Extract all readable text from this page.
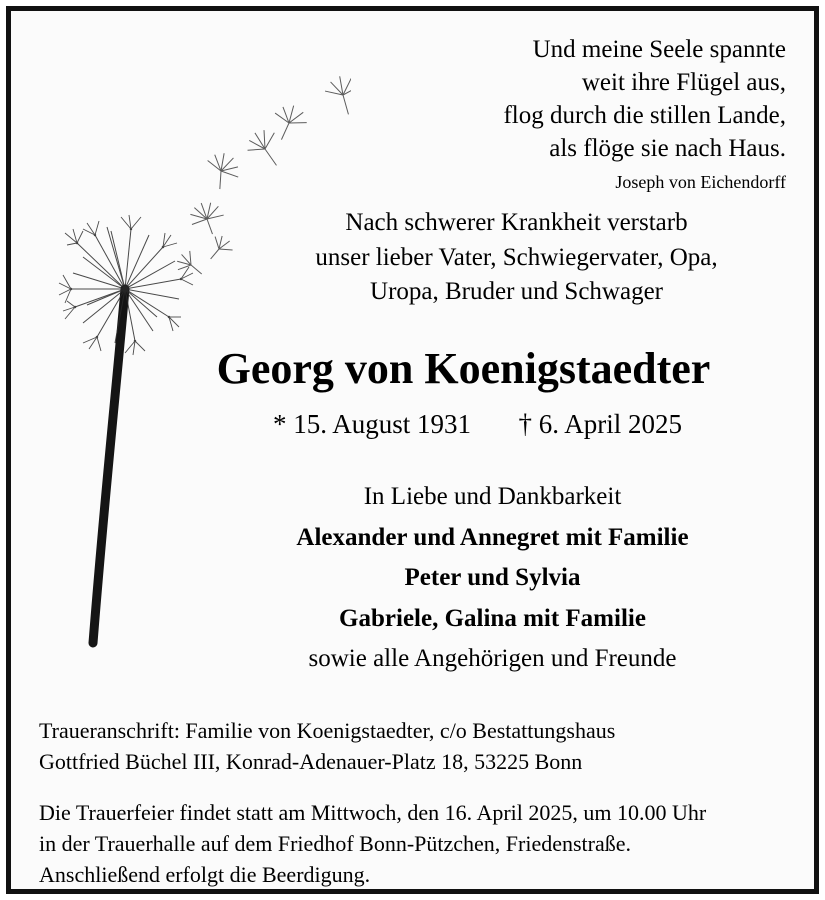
Und meine Seele spannte
weit ihre Flügel aus,
flog durch die stillen Lande,
als flöge sie nach Haus.
Joseph von Eichendorff
Nach schwerer Krankheit verstarb
unser lieber Vater, Schwiegervater, Opa,
Uropa, Bruder und Schwager
Georg von Koenigstaedter
* 15. August 1931 † 6. April 2025
In Liebe und Dankbarkeit
Alexander und Annegret mit Familie
Peter und Sylvia
Gabriele, Galina mit Familie
sowie alle Angehörigen und Freunde
Traueranschrift: Familie von Koenigstaedter, c/o Bestattungshaus
Gottfried Büchel III, Konrad-Adenauer-Platz 18, 53225 Bonn
Die Trauerfeier findet statt am Mittwoch, den 16. April 2025, um 10.00 Uhr
in der Trauerhalle auf dem Friedhof Bonn-Pützchen, Friedenstraße.
Anschließend erfolgt die Beerdigung.
